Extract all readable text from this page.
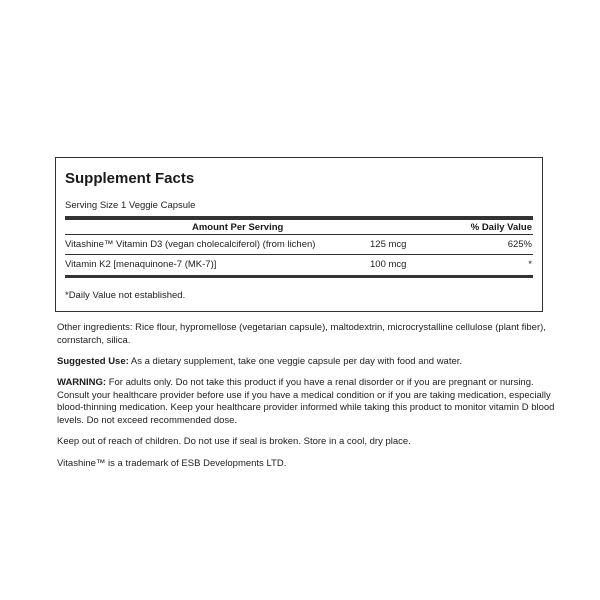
Supplement Facts
Serving Size 1 Veggie Capsule
Amount Per Serving	% Daily Value
Vitashine™ Vitamin D3 (vegan cholecalciferol) (from lichen)	125 mcg	625%
Vitamin K2 [menaquinone-7 (MK-7)]	100 mcg	*
*Daily Value not established.
Other ingredients: Rice flour, hypromellose (vegetarian capsule), maltodextrin, microcrystalline cellulose (plant fiber), cornstarch, silica.
Suggested Use: As a dietary supplement, take one veggie capsule per day with food and water.
WARNING: For adults only. Do not take this product if you have a renal disorder or if you are pregnant or nursing. Consult your healthcare provider before use if you have a medical condition or if you are taking medication, especially blood-thinning medication. Keep your healthcare provider informed while taking this product to monitor vitamin D blood levels. Do not exceed recommended dose.
Keep out of reach of children. Do not use if seal is broken. Store in a cool, dry place.
Vitashine™ is a trademark of ESB Developments LTD.
